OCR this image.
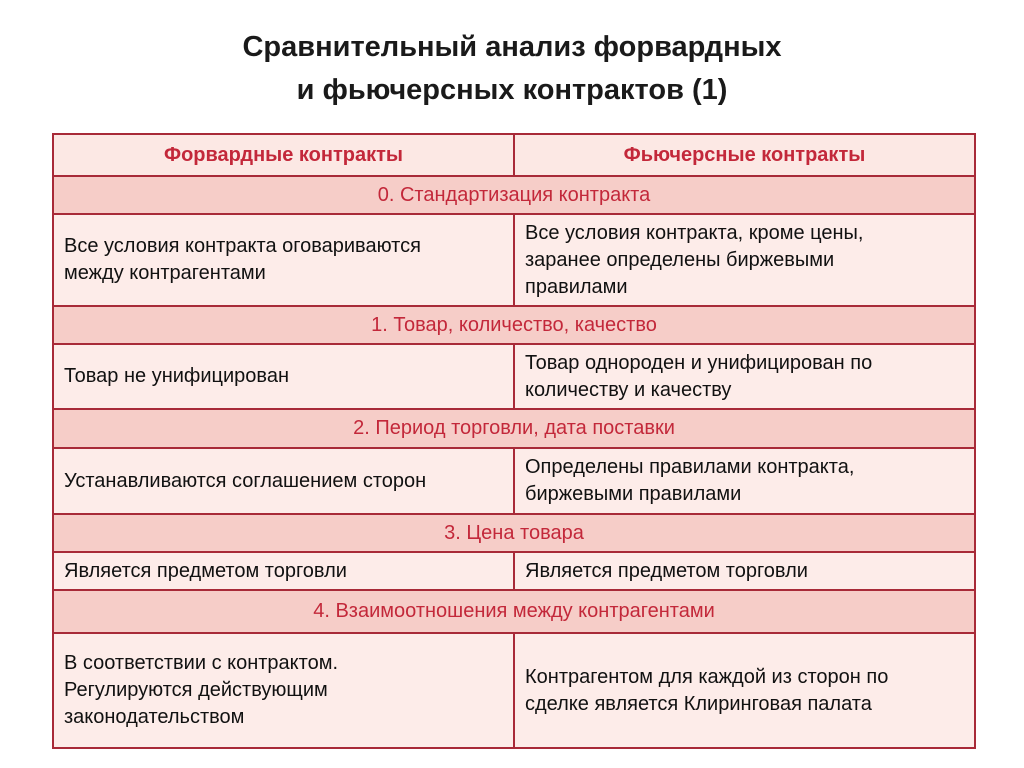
Сравнительный анализ форвардных
и фьючерсных контрактов (1)
Форвардные контракты	Фьючерсные контракты
0. Стандартизация контракта	
Все условия контракта оговариваются
между контрагентами	Все условия контракта, кроме цены,
заранее определены биржевыми
правилами
1. Товар, количество, качество	
Товар не унифицирован	Товар однороден и унифицирован по
количеству и качеству
2. Период торговли, дата поставки	
Устанавливаются соглашением сторон	Определены правилами контракта,
биржевыми правилами
3. Цена товара	
Является предметом торговли	Является предметом торговли
4. Взаимоотношения между контрагентами	
В соответствии с контрактом.
Регулируются действующим
законодательством	Контрагентом для каждой из сторон по
сделке является Клиринговая палата
